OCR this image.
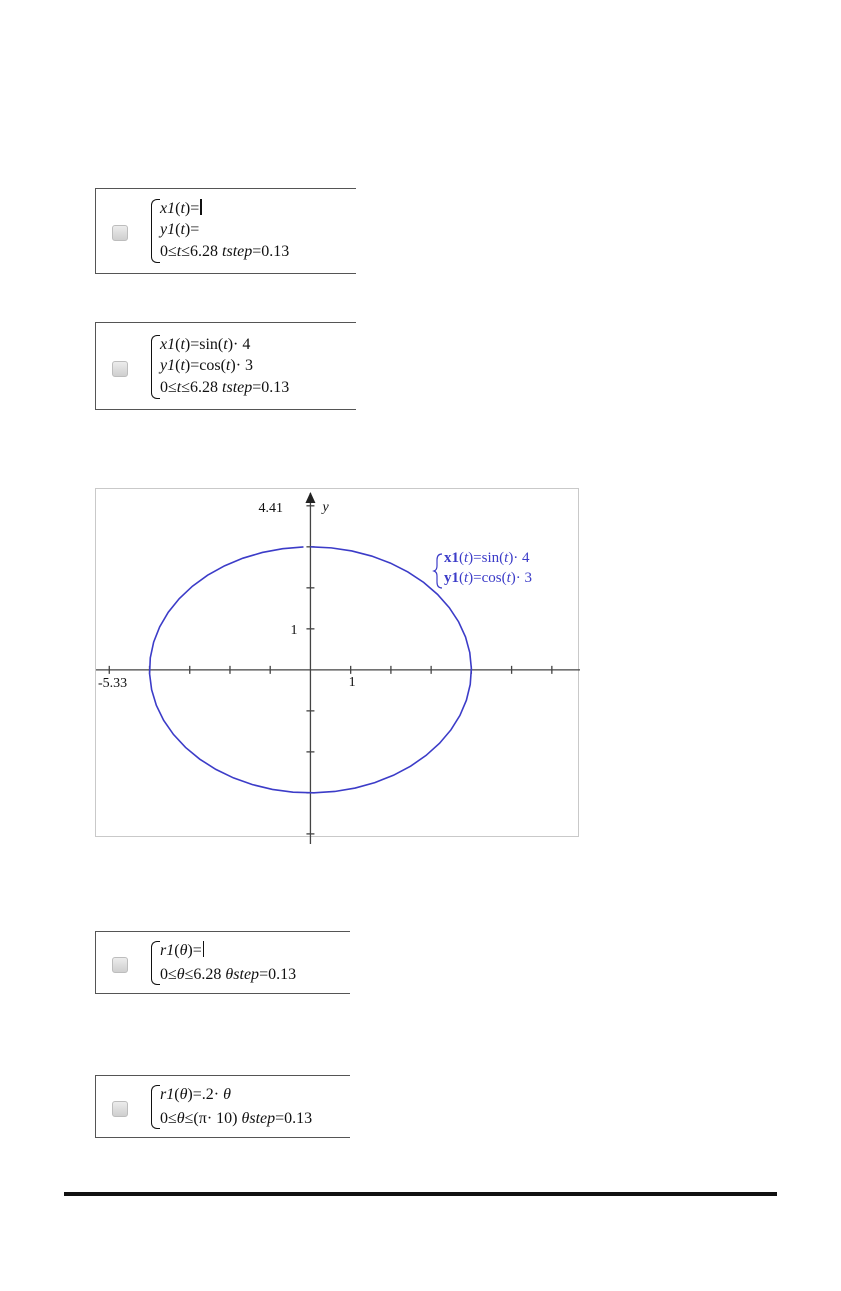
x1(t)=
y1(t)=
0≤t≤6.28 tstep=0.13
x1(t)=sin(t)· 4
y1(t)=cos(t)· 3
0≤t≤6.28 tstep=0.13
1
1
-5.33
4.41	y
x1(t)=sin(t)· 4
y1(t)=cos(t)· 3
r1(θ)=
0≤θ≤6.28 θstep=0.13
r1(θ)=.2· θ
0≤θ≤(π· 10) θstep=0.13
